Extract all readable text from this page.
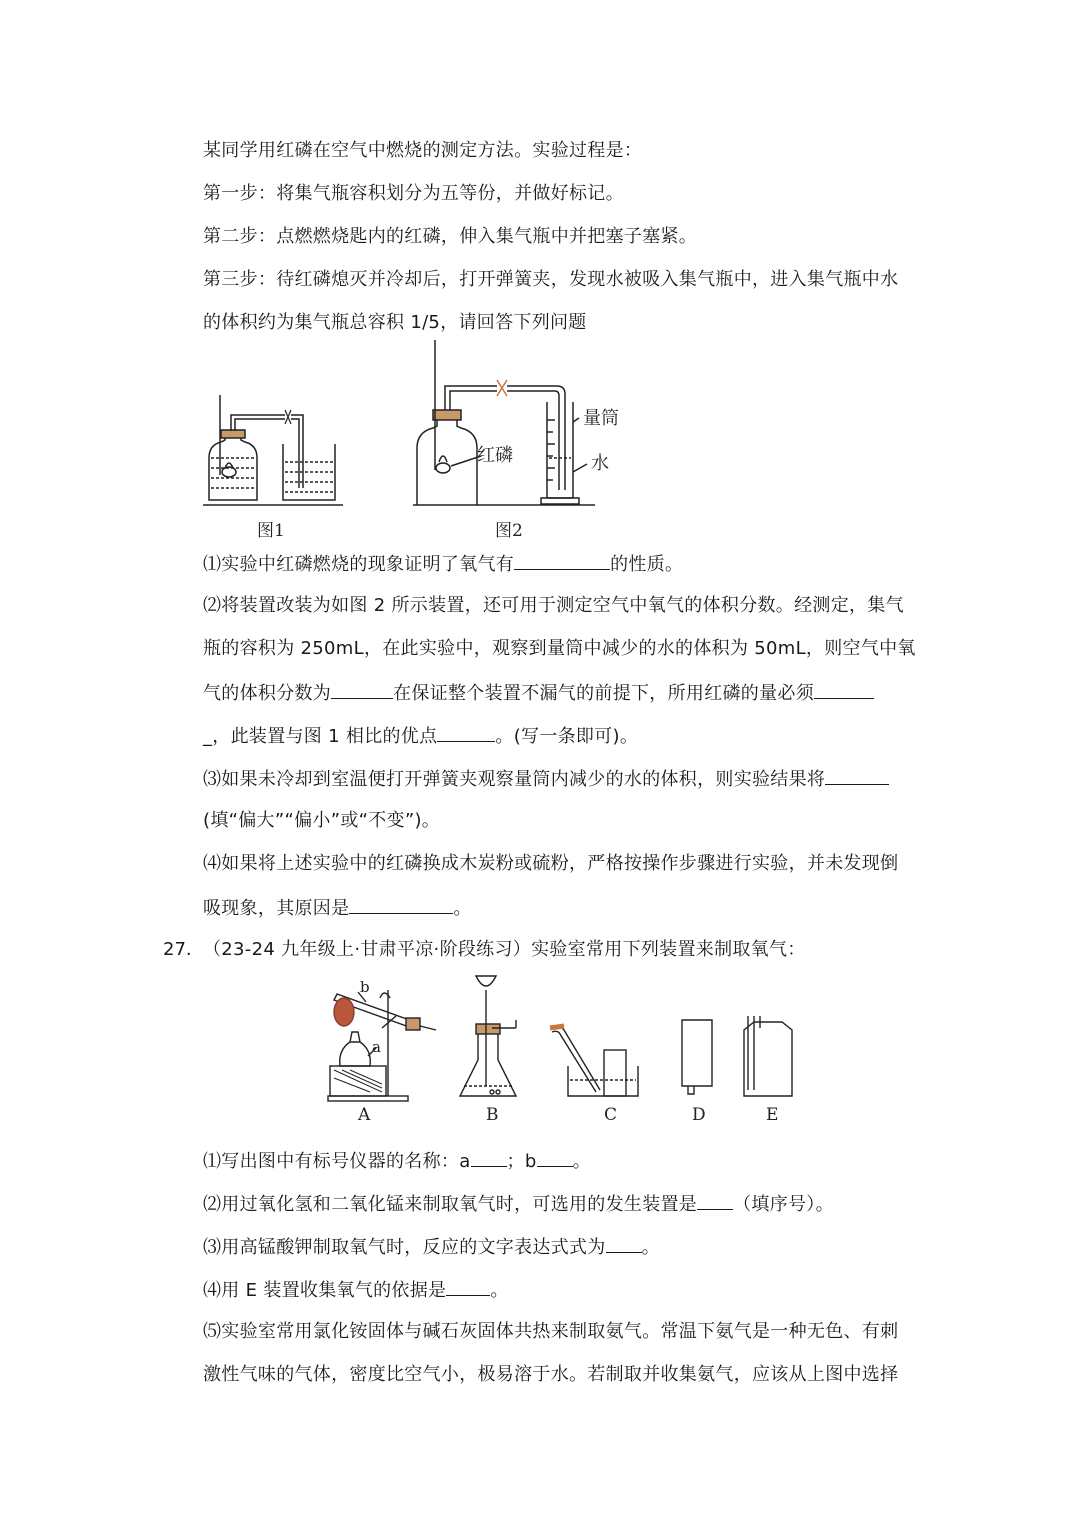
某同学用红磷在空气中燃烧的测定方法。实验过程是：
第一步：将集气瓶容积划分为五等份，并做好标记。
第二步：点燃燃烧匙内的红磷，伸入集气瓶中并把塞子塞紧。
第三步：待红磷熄灭并冷却后，打开弹簧夹，发现水被吸入集气瓶中，进入集气瓶中水
的体积约为集气瓶总容积 1/5，请回答下列问题
红磷
量筒
水
图1	图2
⑴实验中红磷燃烧的现象证明了氧气有	的性质。
⑵将装置改装为如图 2 所示装置，还可用于测定空气中氧气的体积分数。经测定，集气
瓶的容积为 250mL，在此实验中，观察到量筒中减少的水的体积为 50mL，则空气中氧
气的体积分数为	在保证整个装置不漏气的前提下，所用红磷的量必须
_，此装置与图 1 相比的优点	。(写一条即可)。
⑶如果未冷却到室温便打开弹簧夹观察量筒内减少的水的体积，则实验结果将
(填“偏大”“偏小”或“不变”)。
⑷如果将上述实验中的红磷换成木炭粉或硫粉，严格按操作步骤进行实验，并未发现倒
吸现象，其原因是	。
27. （23-24 九年级上·甘肃平凉·阶段练习）实验室常用下列装置来制取氧气：
A	B	C	D	E
a
b
⑴写出图中有标号仪器的名称：a ；b 。
⑵用过氧化氢和二氧化锰来制取氧气时，可选用的发生装置是 （填序号）。
⑶用高锰酸钾制取氧气时，反应的文字表达式式为 。
⑷用 E 装置收集氧气的依据是 。
⑸实验室常用氯化铵固体与碱石灰固体共热来制取氨气。常温下氨气是一种无色、有刺
激性气味的气体，密度比空气小，极易溶于水。若制取并收集氨气，应该从上图中选择
